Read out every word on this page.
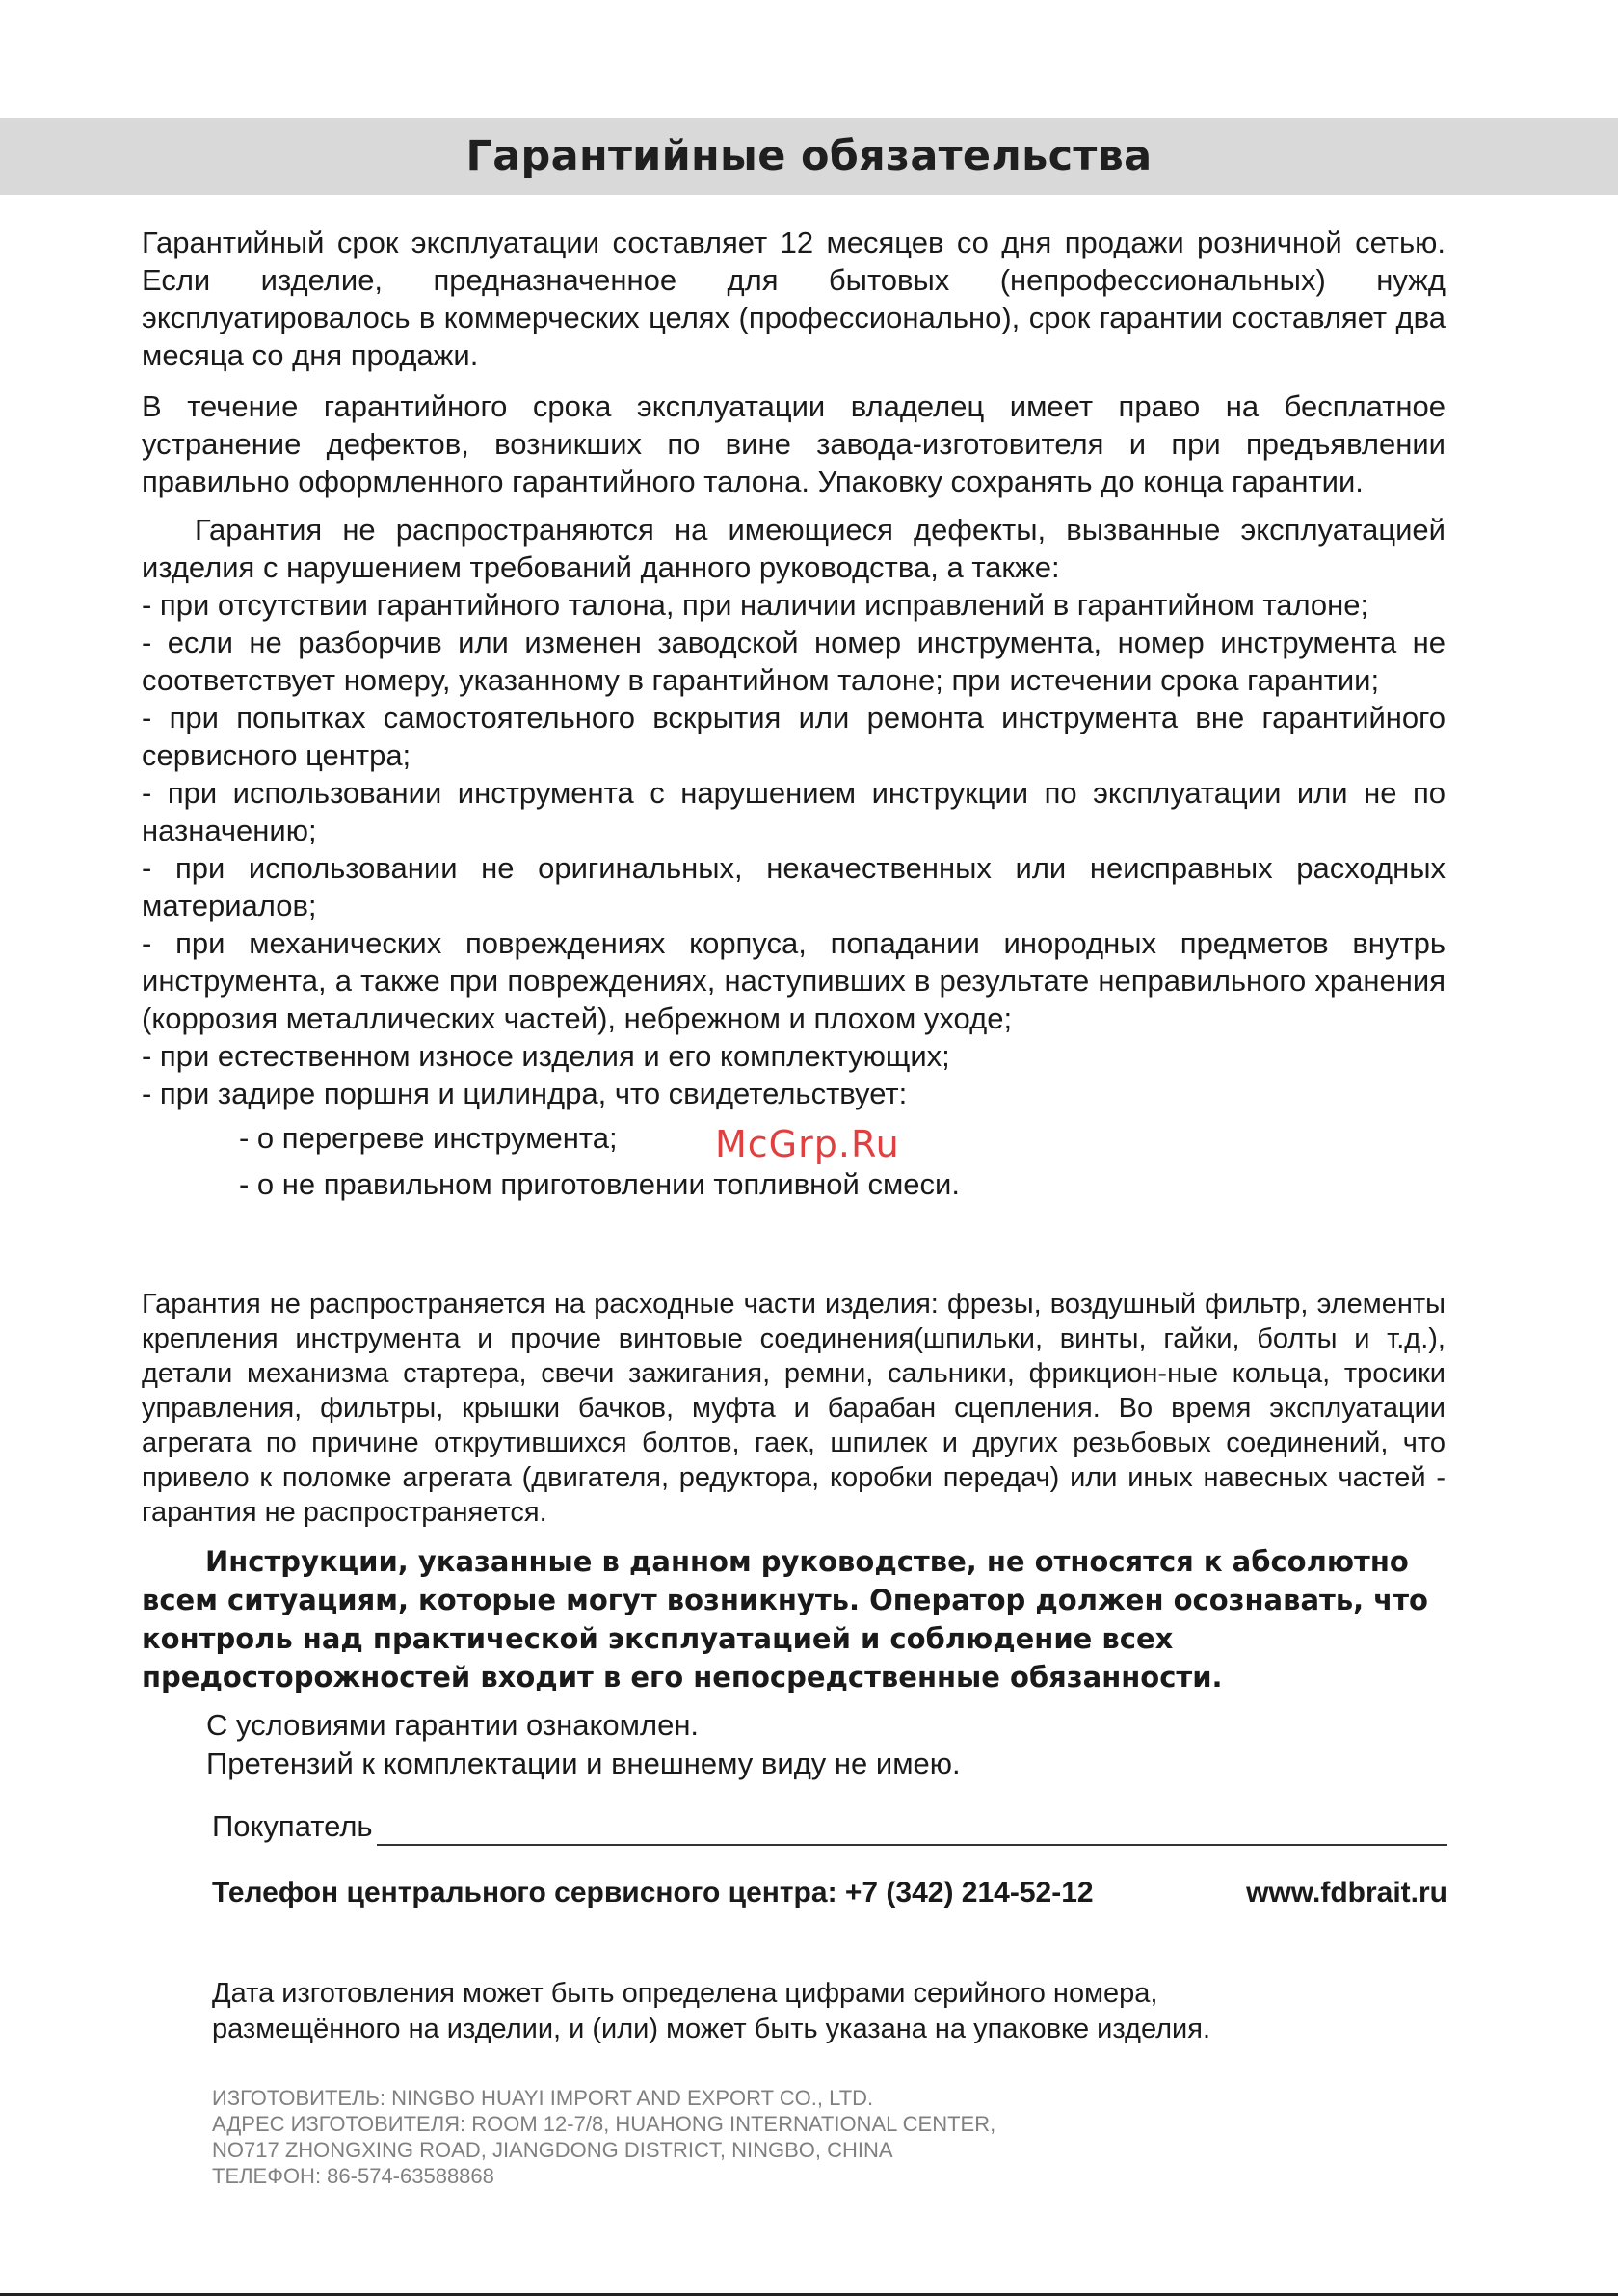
Гарантийные обязательства

Гарантийный срок эксплуатации составляет 12 месяцев со дня продажи розничной сетью. Если изделие, предназначенное для бытовых (непрофессиональных) нужд эксплуатировалось в коммерческих целях (профессионально), срок гарантии составляет два месяца со дня продажи.

В течение гарантийного срока эксплуатации владелец имеет право на бесплатное устранение дефектов, возникших по вине завода-изготовителя и при предъявлении правильно оформленного гарантийного талона. Упаковку сохранять до конца гарантии.

Гарантия не распространяются на имеющиеся дефекты, вызванные эксплуатацией изделия с нарушением требований данного руководства, а также:

- при отсутствии гарантийного талона, при наличии исправлений в гарантийном талоне;

- если не разборчив или изменен заводской номер инструмента, номер инструмента не соответствует номеру, указанному в гарантийном талоне; при истечении срока гарантии;

- при попытках самостоятельного вскрытия или ремонта инструмента вне гарантийного сервисного центра;

- при использовании инструмента с нарушением инструкции по эксплуатации или не по назначению;

- при использовании не оригинальных, некачественных или неисправных расходных материалов;

- при механических повреждениях корпуса, попадании инородных предметов внутрь инструмента, а также при повреждениях, наступивших в результате неправильного хранения (коррозия металлических частей), небрежном и плохом уходе;

- при естественном износе изделия и его комплектующих;

- при задире поршня и цилиндра, что свидетельствует:

- о перегреве инструмента;

- о не правильном приготовлении топливной смеси.

Гарантия не распространяется на расходные части изделия: фрезы, воздушный фильтр, элементы крепления инструмента и прочие винтовые соединения(шпильки, винты, гайки, болты и т.д.), детали механизма стартера, свечи зажигания, ремни, сальники, фрикцион-ные кольца, тросики управления, фильтры, крышки бачков, муфта и барабан сцепления. Во время эксплуатации агрегата по причине открутившихся болтов, гаек, шпилек и других резьбовых соединений, что привело к поломке агрегата (двигателя, редуктора, коробки передач) или иных навесных частей - гарантия не распространяется.

Инструкции, указанные в данном руководстве, не относятся к абсолютно всем ситуациям, которые могут возникнуть. Оператор должен осознавать, что контроль над практической эксплуатацией и соблюдение всех предосторожностей входит в его непосредственные обязанности.

С условиями гарантии ознакомлен.

Претензий к комплектации и внешнему виду не имею.

Покупатель
Телефон центрального сервисного центра: +7 (342) 214-52-12	www.fdbrait.ru

Дата изготовления может быть определена цифрами серийного номера,

размещённого на изделии, и (или) может быть указана на упаковке изделия.

ИЗГОТОВИТЕЛЬ: NINGBO HUAYI IMPORT AND EXPORT CO., LTD.

АДРЕС ИЗГОТОВИТЕЛЯ: ROOM 12-7/8, HUAHONG INTERNATIONAL CENTER,

NO717 ZHONGXING ROAD, JIANGDONG DISTRICT, NINGBO, CHINA

ТЕЛЕФОН: 86-574-63588868

McGrp.Ru
